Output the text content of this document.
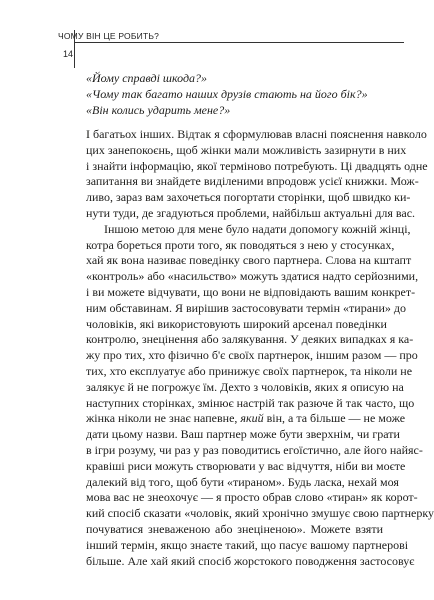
ЧОМУ ВІН ЦЕ РОБИТЬ?
14
«Йому справді шкода?»
«Чому так багато наших друзів стають на його бік?»
«Він колись ударить мене?»

І багатьох інших. Відтак я сформулював власні пояснення навколо
цих занепокоєнь, щоб жінки мали можливість зазирнути в них
і знайти інформацію, якої терміново потребують. Ці двадцять одне
запитання ви знайдете виділеними впродовж усієї книжки. Мож-
ливо, зараз вам захочеться погортати сторінки, щоб швидко ки-
нути туди, де згадуються проблеми, найбільш актуальні для вас.

Іншою метою для мене було надати допомогу кожній жінці,
котра бореться проти того, як поводяться з нею у стосунках,
хай як вона називає поведінку свого партнера. Слова на кштапт
«контроль» або «насильство» можуть здатися надто серйозними,
і ви можете відчувати, що вони не відповідають вашим конкрет-
ним обставинам. Я вирішив застосовувати термін «тирани» до
чоловіків, які використовують широкий арсенал поведінки
контролю, знецінення або залякування. У деяких випадках я ка-
жу про тих, хто фізично б'є своїх партнерок, іншим разом — про
тих, хто експлуатує або принижує своїх партнерок, та ніколи не
залякує й не погрожує їм. Дехто з чоловіків, яких я описую на
наступних сторінках, змінює настрій так разюче й так часто, що
жінка ніколи не знає напевне, який він, а та більше — не може
дати цьому назви. Ваш партнер може бути зверхнім, чи грати
в ігри розуму, чи раз у раз поводитись егоїстично, але його найяс-
кравіші риси можуть створювати у вас відчуття, ніби ви моєте
далекий від того, щоб бути «тираном». Будь ласка, нехай моя
мова вас не знеохочує — я просто обрав слово «тиран» як корот-
кий спосіб сказати «чоловік, який хронічно змушує свою партнерку
почуватися зневаженою або знеціненою». Можете взяти
інший термін, якщо знаєте такий, що пасує вашому партнерові
більше. Але хай який спосіб жорстокого поводження застосовує
